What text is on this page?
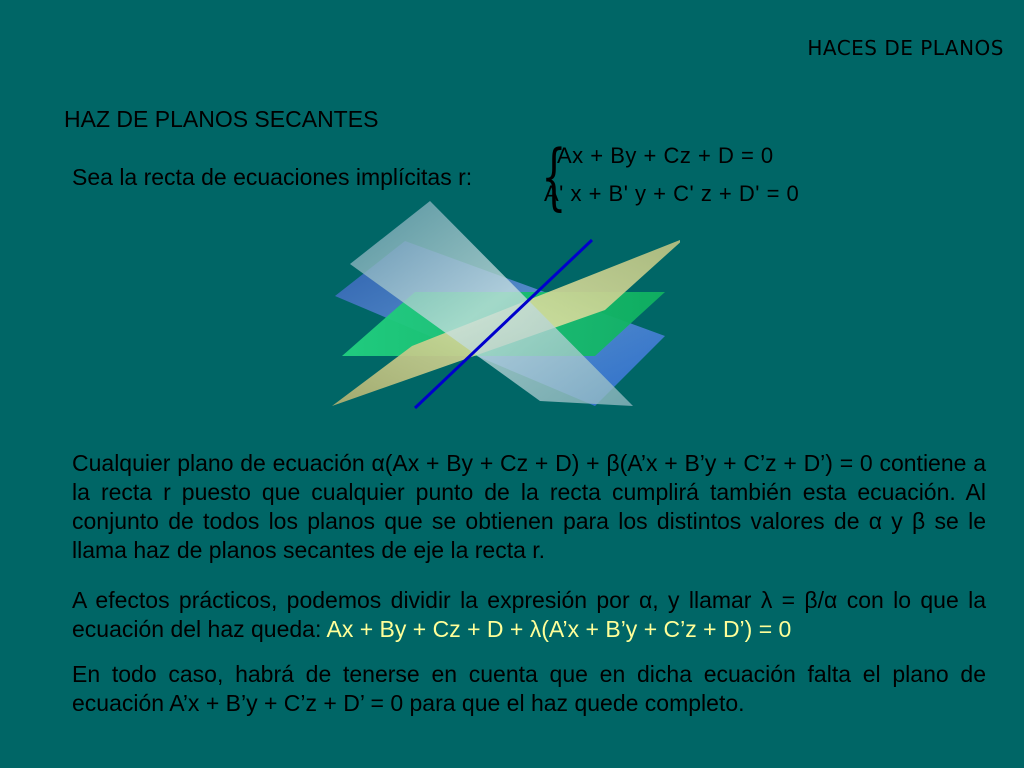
HACES DE PLANOS
HAZ DE PLANOS SECANTES
Sea la recta de ecuaciones implícitas r: {
Ax + By + Cz + D = 0
A' x + B' y + C' z + D' = 0
Cualquier plano de ecuación α(Ax + By + Cz + D) + β(A’x + B’y + C’z + D’) = 0 contiene a la recta r puesto que cualquier punto de la recta cumplirá también esta ecuación. Al conjunto de todos los planos que se obtienen para los distintos valores de α y β se le llama haz de planos secantes de eje la recta r.
A efectos prácticos, podemos dividir la expresión por α, y llamar λ = β/α con lo que la ecuación del haz queda: Ax + By + Cz + D + λ(A’x + B’y + C’z + D’) = 0
En todo caso, habrá de tenerse en cuenta que en dicha ecuación falta el plano de ecuación A’x + B’y + C’z + D’ = 0 para que el haz quede completo.
